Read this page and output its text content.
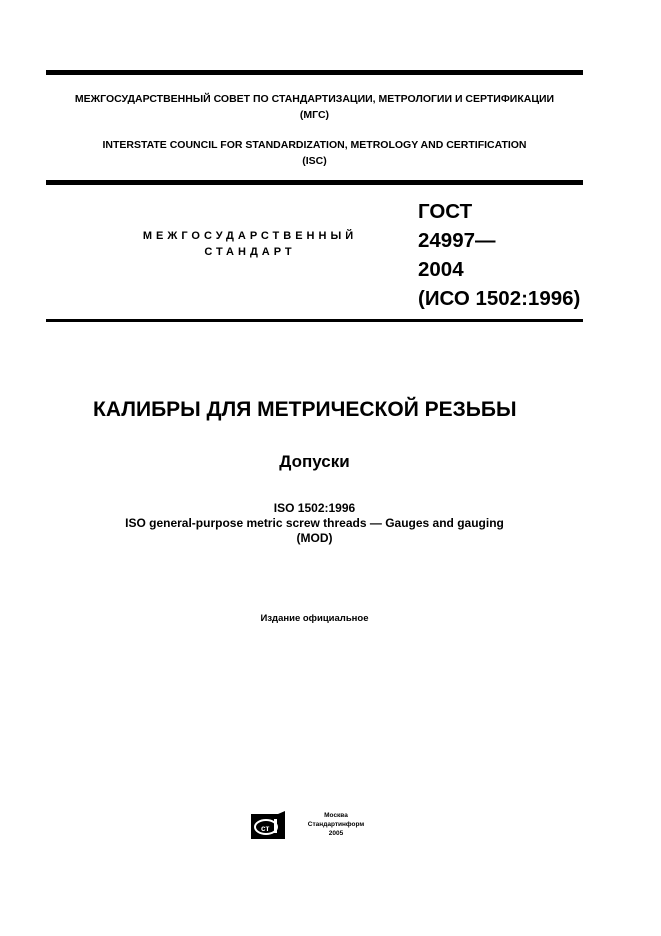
МЕЖГОСУДАРСТВЕННЫЙ СОВЕТ ПО СТАНДАРТИЗАЦИИ, МЕТРОЛОГИИ И СЕРТИФИКАЦИИ
(МГС)
INTERSTATE COUNCIL FOR STANDARDIZATION, METROLOGY AND CERTIFICATION
(ISC)
МЕЖГОСУДАРСТВЕННЫЙ
СТАНДАРТ
ГОСТ
24997—
2004
(ИСО 1502:1996)
КАЛИБРЫ ДЛЯ МЕТРИЧЕСКОЙ РЕЗЬБЫ
Допуски
ISO 1502:1996
ISO general-purpose metric screw threads — Gauges and gauging
(MOD)
Издание официальное
ст
Москва
Стандартинформ
2005
